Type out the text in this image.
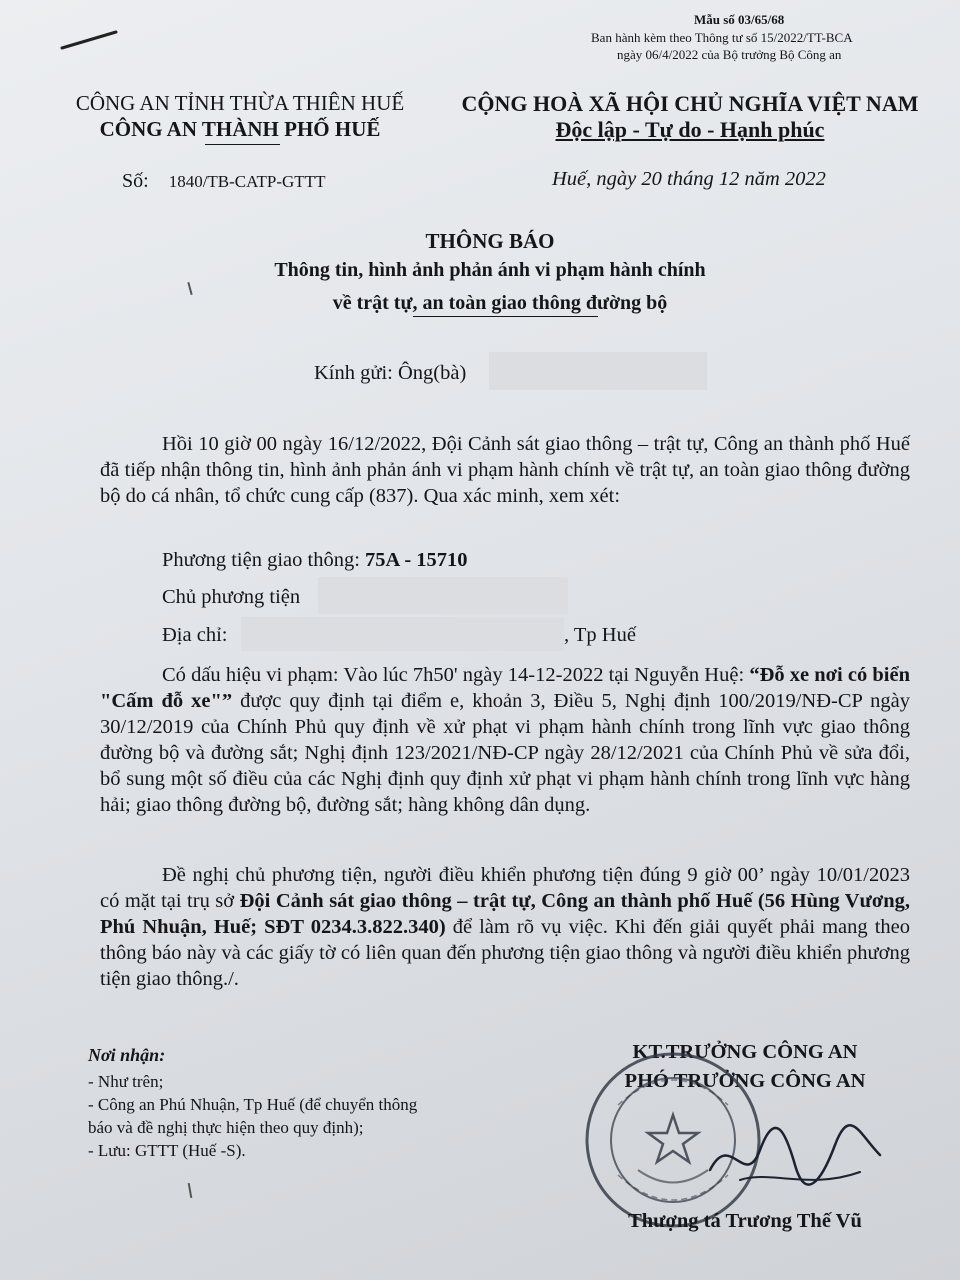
Mẫu số 03/65/68
Ban hành kèm theo Thông tư số 15/2022/TT-BCA
ngày 06/4/2022 của Bộ trưởng Bộ Công an
CÔNG AN TỈNH THỪA THIÊN HUẾ
CÔNG AN THÀNH PHỐ HUẾ
Số: 1840/TB-CATP-GTTT
CỘNG HOÀ XÃ HỘI CHỦ NGHĨA VIỆT NAM
Độc lập - Tự do - Hạnh phúc
Huế, ngày 20 tháng 12 năm 2022
THÔNG BÁO
Thông tin, hình ảnh phản ánh vi phạm hành chính
về trật tự, an toàn giao thông đường bộ
Kính gửi: Ông(bà)
Hồi 10 giờ 00 ngày 16/12/2022, Đội Cảnh sát giao thông – trật tự, Công an thành phố Huế đã tiếp nhận thông tin, hình ảnh phản ánh vi phạm hành chính về trật tự, an toàn giao thông đường bộ do cá nhân, tổ chức cung cấp (837). Qua xác minh, xem xét:
Phương tiện giao thông: 75A - 15710
Chủ phương tiện
Địa chỉ:	, Tp Huế
Có dấu hiệu vi phạm: Vào lúc 7h50' ngày 14-12-2022 tại Nguyễn Huệ: “Đỗ xe nơi có biển "Cấm đỗ xe"” được quy định tại điểm e, khoản 3, Điều 5, Nghị định 100/2019/NĐ-CP ngày 30/12/2019 của Chính Phủ quy định về xử phạt vi phạm hành chính trong lĩnh vực giao thông đường bộ và đường sắt; Nghị định 123/2021/NĐ-CP ngày 28/12/2021 của Chính Phủ về sửa đổi, bổ sung một số điều của các Nghị định quy định xử phạt vi phạm hành chính trong lĩnh vực hàng hải; giao thông đường bộ, đường sắt; hàng không dân dụng.
Đề nghị chủ phương tiện, người điều khiển phương tiện đúng 9 giờ 00’ ngày 10/01/2023 có mặt tại trụ sở Đội Cảnh sát giao thông – trật tự, Công an thành phố Huế (56 Hùng Vương, Phú Nhuận, Huế; SĐT 0234.3.822.340) để làm rõ vụ việc. Khi đến giải quyết phải mang theo thông báo này và các giấy tờ có liên quan đến phương tiện giao thông và người điều khiển phương tiện giao thông./.
Nơi nhận:
- Như trên;
- Công an Phú Nhuận, Tp Huế (để chuyển thông
báo và đề nghị thực hiện theo quy định);
- Lưu: GTTT (Huế -S).
KT.TRƯỞNG CÔNG AN
PHÓ TRƯỞNG CÔNG AN
Thượng tá Trương Thế Vũ
